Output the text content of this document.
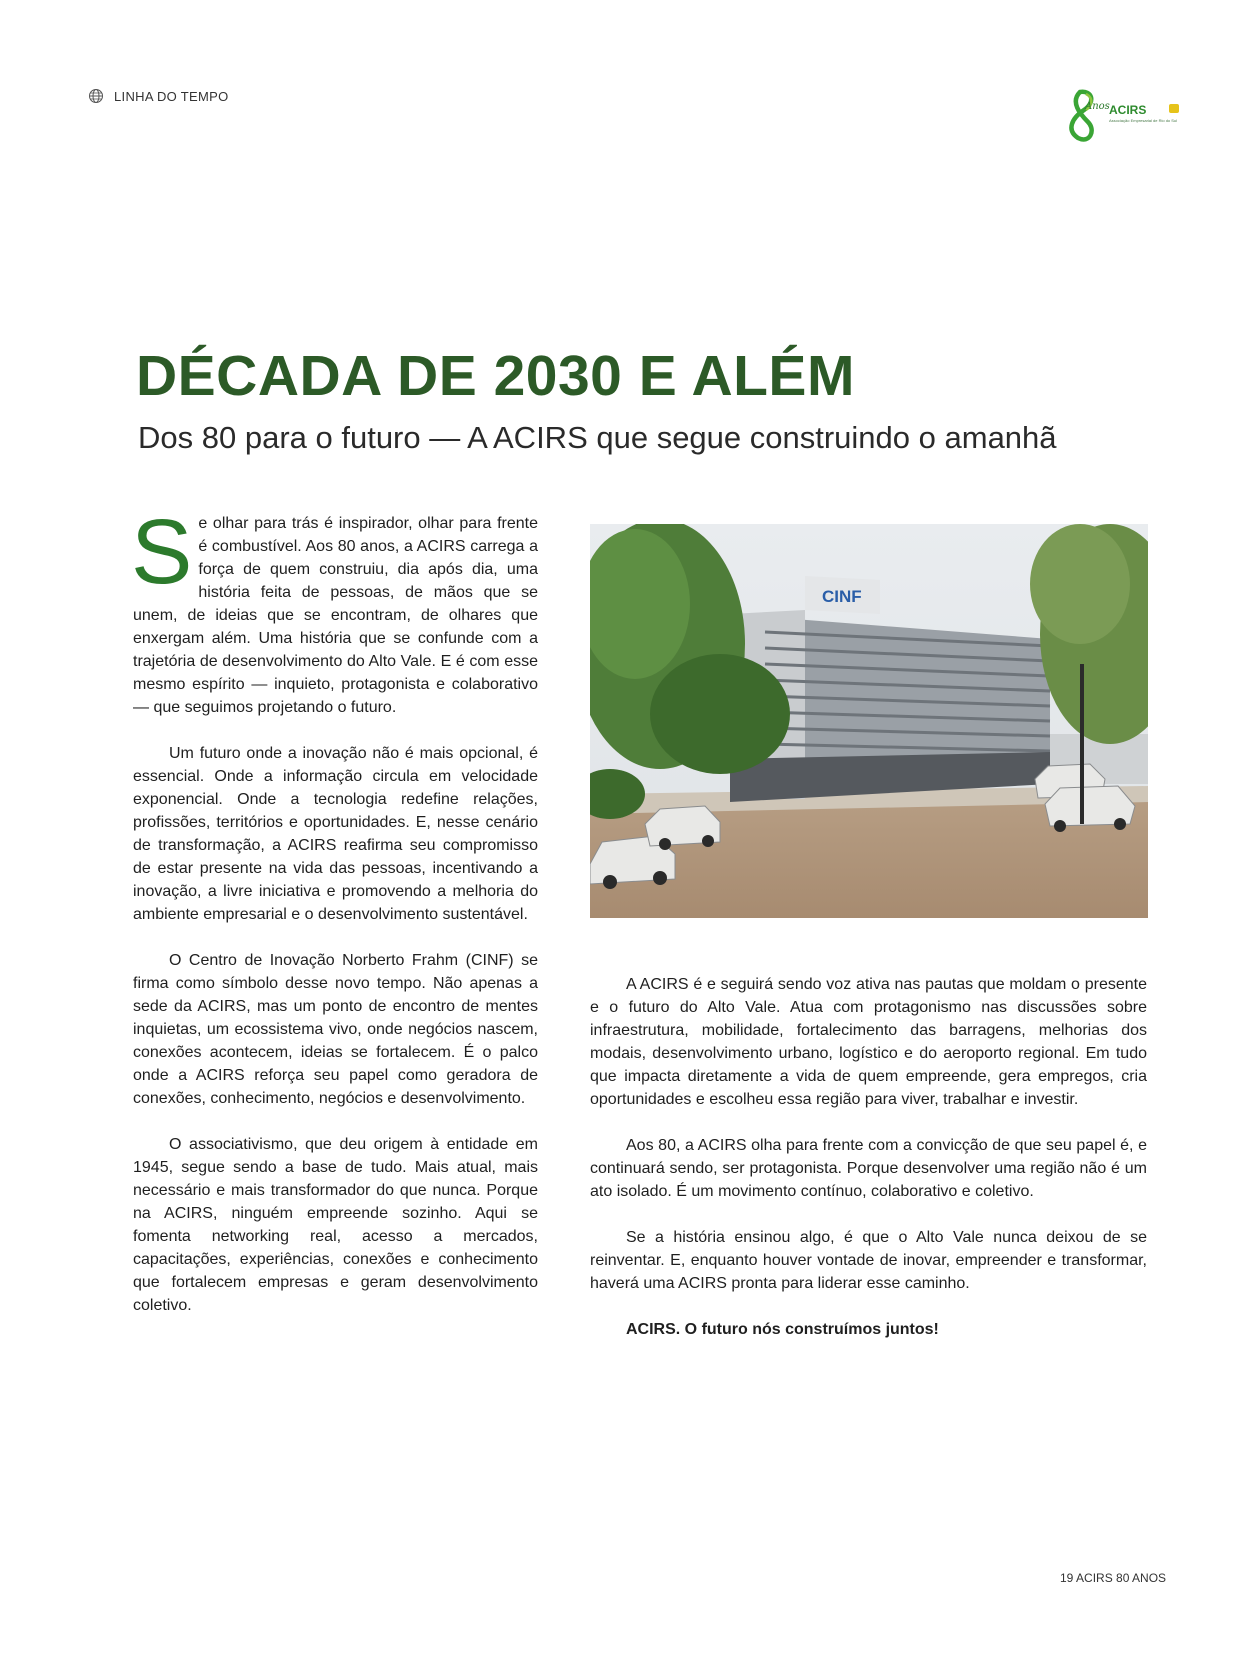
LINHA DO TEMPO
Anos ACIRS
Associação Empresarial de Rio do Sul
DÉCADA DE 2030 E ALÉM
Dos 80 para o futuro — A ACIRS que segue construindo o amanhã

Se olhar para trás é inspirador, olhar para frente é combustível. Aos 80 anos, a ACIRS carrega a força de quem construiu, dia após dia, uma história feita de pessoas, de mãos que se unem, de ideias que se encontram, de olhares que enxergam além. Uma história que se confunde com a trajetória de desenvolvimento do Alto Vale. E é com esse mesmo espírito — inquieto, protagonista e colaborativo — que seguimos projetando o futuro.

Um futuro onde a inovação não é mais opcional, é essencial. Onde a informação circula em velocidade exponencial. Onde a tecnologia redefine relações, profissões, territórios e oportunidades. E, nesse cenário de transformação, a ACIRS reafirma seu compromisso de estar presente na vida das pessoas, incentivando a inovação, a livre iniciativa e promovendo a melhoria do ambiente empresarial e o desenvolvimento sustentável.

O Centro de Inovação Norberto Frahm (CINF) se firma como símbolo desse novo tempo. Não apenas a sede da ACIRS, mas um ponto de encontro de mentes inquietas, um ecossistema vivo, onde negócios nascem, conexões acontecem, ideias se fortalecem. É o palco onde a ACIRS reforça seu papel como geradora de conexões, conhecimento, negócios e desenvolvimento.

O associativismo, que deu origem à entidade em 1945, segue sendo a base de tudo. Mais atual, mais necessário e mais transformador do que nunca. Porque na ACIRS, ninguém empreende sozinho. Aqui se fomenta networking real, acesso a mercados, capacitações, experiências, conexões e conhecimento que fortalecem empresas e geram desenvolvimento coletivo.

CINF

A ACIRS é e seguirá sendo voz ativa nas pautas que moldam o presente e o futuro do Alto Vale. Atua com protagonismo nas discussões sobre infraestrutura, mobilidade, fortalecimento das barragens, melhorias dos modais, desenvolvimento urbano, logístico e do aeroporto regional. Em tudo que impacta diretamente a vida de quem empreende, gera empregos, cria oportunidades e escolheu essa região para viver, trabalhar e investir.

Aos 80, a ACIRS olha para frente com a convicção de que seu papel é, e continuará sendo, ser protagonista. Porque desenvolver uma região não é um ato isolado. É um movimento contínuo, colaborativo e coletivo.

Se a história ensinou algo, é que o Alto Vale nunca deixou de se reinventar. E, enquanto houver vontade de inovar, empreender e transformar, haverá uma ACIRS pronta para liderar esse caminho.

ACIRS. O futuro nós construímos juntos!

19 ACIRS 80 ANOS
